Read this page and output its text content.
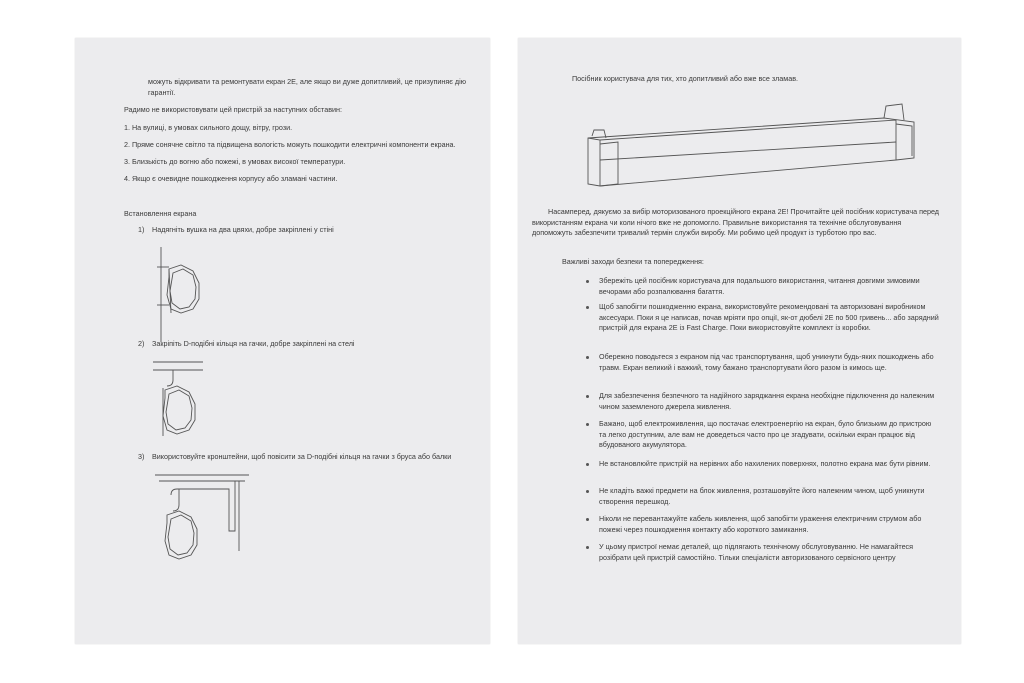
можуть відкривати та ремонтувати екран 2Е, але якщо ви дуже допитливий, це призупиняє дію гарантії.

Радимо не використовувати цей пристрій за наступних обставин:

1. На вулиці, в умовах сильного дощу, вітру, грози.

2. Пряме сонячне світло та підвищена вологість можуть пошкодити електричні компоненти екрана.

3. Близькість до вогню або пожежі, в умовах високої температури.

4. Якщо є очевидне пошкодження корпусу або зламані частини.

Встановлення екрана

1) Надягніть вушка на два цвяхи, добре закріплені у стіні

2) Закріпіть D-подібні кільця на гачки, добре закріплені на стелі

3) Використовуйте кронштейни, щоб повісити за D-подібні кільця на гачки з бруса або балки

Посібник користувача для тих, хто допитливий або вже все зламав.

Насамперед, дякуємо за вибір моторизованого проекційного екрана 2Е! Прочитайте цей посібник користувача перед використанням екрана чи коли нічого вже не допомогло. Правильне використання та технічне обслуговування допоможуть забезпечити тривалий термін служби виробу. Ми робимо цей продукт із турботою про вас.

Важливі заходи безпеки та попередження:

Збережіть цей посібник користувача для подальшого використання, читання довгими зимовими вечорами або розпалювання багаття.

Щоб запобігти пошкодженню екрана, використовуйте рекомендовані та авторизовані виробником аксесуари. Поки я це написав, почав мріяти про опції, як-от дюбелі 2Е по 500 гривень... або зарядний пристрій для екрана 2Е із Fast Charge. Поки використовуйте комплект із коробки.

Обережно поводьтеся з екраном під час транспортування, щоб уникнути будь-яких пошкоджень або травм. Екран великий і важкий, тому бажано транспортувати його разом із кимось ще.

Для забезпечення безпечного та надійного заряджання екрана необхідне підключення до належним чином заземленого джерела живлення.

Бажано, щоб електроживлення, що постачає електроенергію на екран, було близьким до пристрою та легко доступним, але вам не доведеться часто про це згадувати, оскільки екран працює від вбудованого акумулятора.

Не встановлюйте пристрій на нерівних або нахилених поверхнях, полотно екрана має бути рівним.

Не кладіть важкі предмети на блок живлення, розташовуйте його належним чином, щоб уникнути створення перешкод.

Ніколи не перевантажуйте кабель живлення, щоб запобігти ураження електричним струмом або пожежі через пошкодження контакту або короткого замикання.

У цьому пристрої немає деталей, що підлягають технічному обслуговуванню. Не намагайтеся розібрати цей пристрій самостійно. Тільки спеціалісти авторизованого сервісного центру
